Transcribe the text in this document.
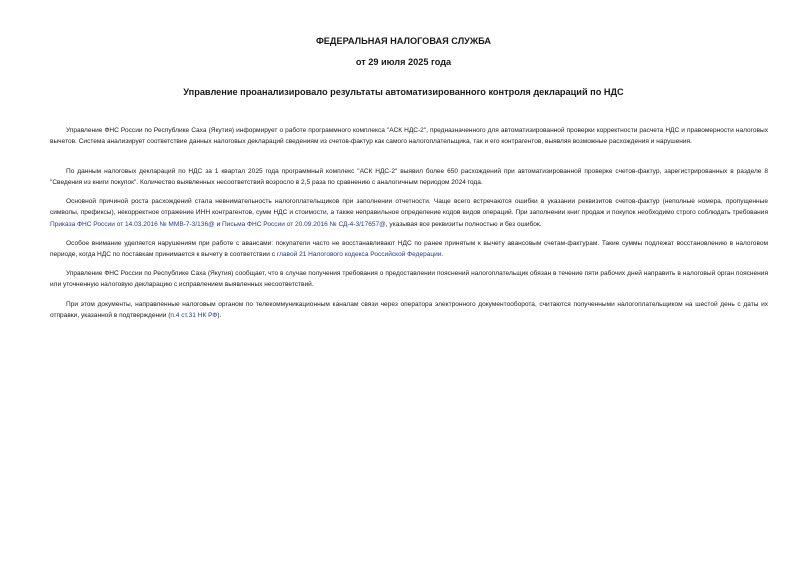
ФЕДЕРАЛЬНАЯ НАЛОГОВАЯ СЛУЖБА
от 29 июля 2025 года
Управление проанализировало результаты автоматизированного контроля деклараций по НДС

Управление ФНС России по Республике Саха (Якутия) информирует о работе программного комплекса "АСК НДС-2", предназначенного для автоматизированной проверки корректности расчета НДС и правомерности налоговых вычетов. Система анализирует соответствие данных налоговых деклараций сведениям из счетов-фактур как самого налогоплательщика, так и его контрагентов, выявляя возможные расхождения и нарушения.

По данным налоговых деклараций по НДС за 1 квартал 2025 года программный комплекс "АСК НДС-2" выявил более 650 расхождений при автоматизированной проверке счетов-фактур, зарегистрированных в разделе 8 "Сведения из книги покупок". Количество выявленных несоответствий возросло в 2,5 раза по сравнению с аналогичным периодом 2024 года.

Основной причиной роста расхождений стала невнимательность налогоплательщиков при заполнении отчетности. Чаще всего встречаются ошибки в указании реквизитов счетов-фактур (неполные номера, пропущенные символы, префиксы), некорректное отражение ИНН контрагентов, сумм НДС и стоимости, а также неправильное определение кодов видов операций. При заполнении книг продаж и покупок необходимо строго соблюдать требования Приказа ФНС России от 14.03.2016 № ММВ-7-3/136@ и Письма ФНС России от 20.09.2016 № СД-4-3/17657@, указывая все реквизиты полностью и без ошибок.

Особое внимание уделяется нарушениям при работе с авансами: покупатели часто не восстанавливают НДС по ранее принятым к вычету авансовым счетам-фактурам. Такие суммы подлежат восстановлению в налоговом периоде, когда НДС по поставкам принимается к вычету в соответствии с главой 21 Налогового кодекса Российской Федерации.

Управление ФНС России по Республике Саха (Якутия) сообщает, что в случае получения требования о предоставлении пояснений налогоплательщик обязан в течение пяти рабочих дней направить в налоговый орган пояснения или уточненную налоговую декларацию с исправлением выявленных несоответствий.

При этом документы, направленные налоговым органом по телекоммуникационным каналам связи через оператора электронного документооборота, считаются полученными налогоплательщиком на шестой день с даты их отправки, указанной в подтверждении (п.4 ст.31 НК РФ).
